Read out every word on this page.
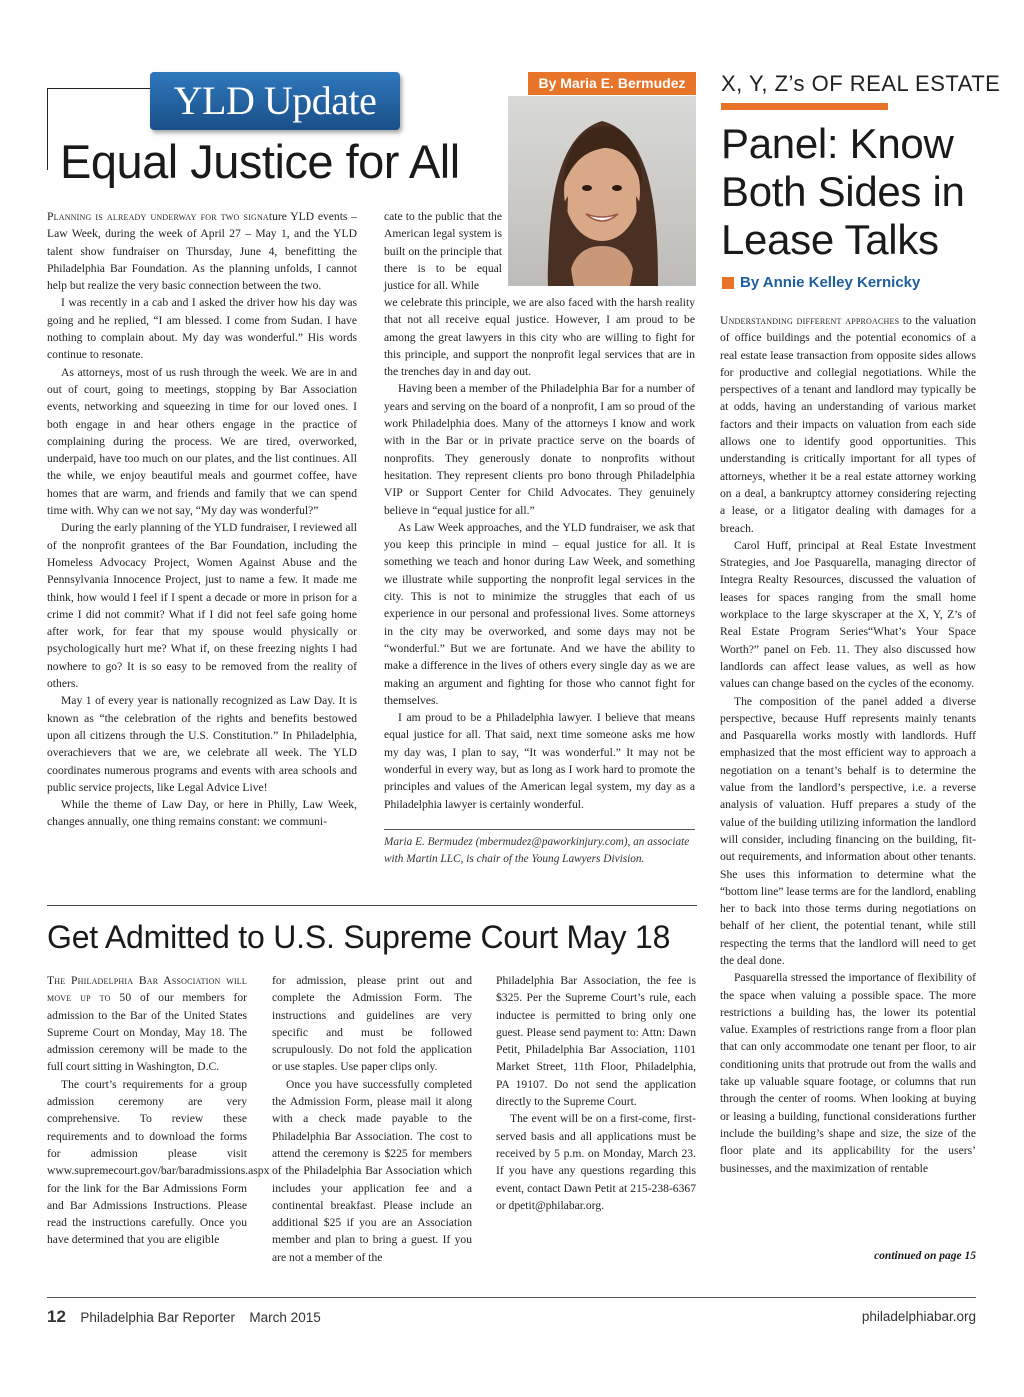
YLD Update
Equal Justice for All
By Maria E. Bermudez

Planning is already underway for two signature YLD events – Law Week, during the week of April 27 – May 1, and the YLD talent show fundraiser on Thursday, June 4, benefitting the Philadelphia Bar Foundation. As the planning unfolds, I cannot help but realize the very basic connection between the two.

I was recently in a cab and I asked the driver how his day was going and he replied, “I am blessed. I come from Sudan. I have nothing to complain about. My day was wonderful.” His words continue to resonate.

As attorneys, most of us rush through the week. We are in and out of court, going to meetings, stopping by Bar Association events, networking and squeezing in time for our loved ones. I both engage in and hear others engage in the practice of complaining during the process. We are tired, overworked, underpaid, have too much on our plates, and the list continues. All the while, we enjoy beautiful meals and gourmet coffee, have homes that are warm, and friends and family that we can spend time with. Why can we not say, “My day was wonderful?”

During the early planning of the YLD fundraiser, I reviewed all of the nonprofit grantees of the Bar Foundation, including the Homeless Advocacy Project, Women Against Abuse and the Pennsylvania Innocence Project, just to name a few. It made me think, how would I feel if I spent a decade or more in prison for a crime I did not commit? What if I did not feel safe going home after work, for fear that my spouse would physically or psychologically hurt me? What if, on these freezing nights I had nowhere to go? It is so easy to be removed from the reality of others.

May 1 of every year is nationally recognized as Law Day. It is known as “the celebration of the rights and benefits bestowed upon all citizens through the U.S. Constitution.” In Philadelphia, overachievers that we are, we celebrate all week. The YLD coordinates numerous programs and events with area schools and public service projects, like Legal Advice Live!

While the theme of Law Day, or here in Philly, Law Week, changes annually, one thing remains constant: we communi-

cate to the public that the American legal system is built on the principle that there is to be equal justice for all. While

we celebrate this principle, we are also faced with the harsh reality that not all receive equal justice. However, I am proud to be among the great lawyers in this city who are willing to fight for this principle, and support the nonprofit legal services that are in the trenches day in and day out.

Having been a member of the Philadelphia Bar for a number of years and serving on the board of a nonprofit, I am so proud of the work Philadelphia does. Many of the attorneys I know and work with in the Bar or in private practice serve on the boards of nonprofits. They generously donate to nonprofits without hesitation. They represent clients pro bono through Philadelphia VIP or Support Center for Child Advocates. They genuinely believe in “equal justice for all.”

As Law Week approaches, and the YLD fundraiser, we ask that you keep this principle in mind – equal justice for all. It is something we teach and honor during Law Week, and something we illustrate while supporting the nonprofit legal services in the city. This is not to minimize the struggles that each of us experience in our personal and professional lives. Some attorneys in the city may be overworked, and some days may not be “wonderful.” But we are fortunate. And we have the ability to make a difference in the lives of others every single day as we are making an argument and fighting for those who cannot fight for themselves.

I am proud to be a Philadelphia lawyer. I believe that means equal justice for all. That said, next time someone asks me how my day was, I plan to say, “It was wonderful.” It may not be wonderful in every way, but as long as I work hard to promote the principles and values of the American legal system, my day as a Philadelphia lawyer is certainly wonderful.

Maria E. Bermudez (mbermudez@paworkinjury.com), an associate with Martin LLC, is chair of the Young Lawyers Division.
X, Y, Z’s OF REAL ESTATE
Panel: Know
Both Sides in
Lease Talks
By Annie Kelley Kernicky

Understanding different approaches to the valuation of office buildings and the potential economics of a real estate lease transaction from opposite sides allows for productive and collegial negotiations. While the perspectives of a tenant and landlord may typically be at odds, having an understanding of various market factors and their impacts on valuation from each side allows one to identify good opportunities. This understanding is critically important for all types of attorneys, whether it be a real estate attorney working on a deal, a bankruptcy attorney considering rejecting a lease, or a litigator dealing with damages for a breach.

Carol Huff, principal at Real Estate Investment Strategies, and Joe Pasquarella, managing director of Integra Realty Resources, discussed the valuation of leases for spaces ranging from the small home workplace to the large skyscraper at the X, Y, Z’s of Real Estate Program Series“What’s Your Space Worth?” panel on Feb. 11. They also discussed how landlords can affect lease values, as well as how values can change based on the cycles of the economy.

The composition of the panel added a diverse perspective, because Huff represents mainly tenants and Pasquarella works mostly with landlords. Huff emphasized that the most efficient way to approach a negotiation on a tenant’s behalf is to determine the value from the landlord’s perspective, i.e. a reverse analysis of valuation. Huff prepares a study of the value of the building utilizing information the landlord will consider, including financing on the building, fit-out requirements, and information about other tenants. She uses this information to determine what the “bottom line” lease terms are for the landlord, enabling her to back into those terms during negotiations on behalf of her client, the potential tenant, while still respecting the terms that the landlord will need to get the deal done.

Pasquarella stressed the importance of flexibility of the space when valuing a possible space. The more restrictions a building has, the lower its potential value. Examples of restrictions range from a floor plan that can only accommodate one tenant per floor, to air conditioning units that protrude out from the walls and take up valuable square footage, or columns that run through the center of rooms. When looking at buying or leasing a building, functional considerations further include the building’s shape and size, the size of the floor plate and its applicability for the users’ businesses, and the maximization of rentable

continued on page 15
Get Admitted to U.S. Supreme Court May 18

The Philadelphia Bar Association will move up to 50 of our members for admission to the Bar of the United States Supreme Court on Monday, May 18. The admission ceremony will be made to the full court sitting in Washington, D.C.

The court’s requirements for a group admission ceremony are very comprehensive. To review these requirements and to download the forms for admission please visit www.supremecourt.gov/bar/baradmissions.aspx for the link for the Bar Admissions Form and Bar Admissions Instructions. Please read the instructions carefully. Once you have determined that you are eligible

for admission, please print out and complete the Admission Form. The instructions and guidelines are very specific and must be followed scrupulously. Do not fold the application or use staples. Use paper clips only.

Once you have successfully completed the Admission Form, please mail it along with a check made payable to the Philadelphia Bar Association. The cost to attend the ceremony is $225 for members of the Philadelphia Bar Association which includes your application fee and a continental breakfast. Please include an additional $25 if you are an Association member and plan to bring a guest. If you are not a member of the

Philadelphia Bar Association, the fee is $325. Per the Supreme Court’s rule, each inductee is permitted to bring only one guest. Please send payment to: Attn: Dawn Petit, Philadelphia Bar Association, 1101 Market Street, 11th Floor, Philadelphia, PA 19107. Do not send the application directly to the Supreme Court.

The event will be on a first-come, first-served basis and all applications must be received by 5 p.m. on Monday, March 23. If you have any questions regarding this event, contact Dawn Petit at 215-238-6367 or dpetit@philabar.org.

12 Philadelphia Bar Reporter March 2015	philadelphiabar.org
